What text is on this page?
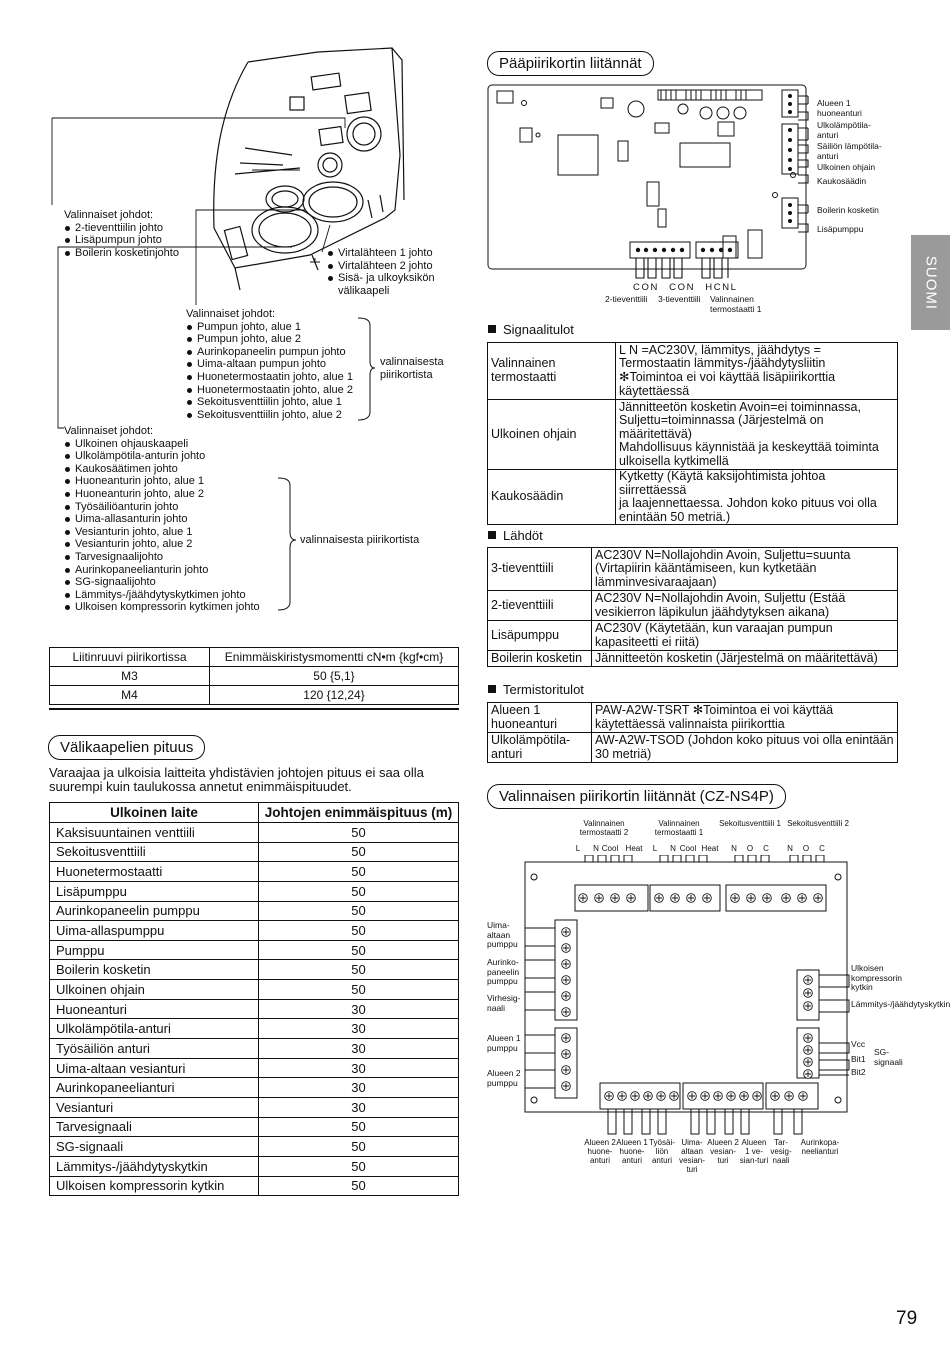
SUOMI
79
Valinnaiset johdot:
2-tieventtiilin johto
Lisäpumpun johto
Boilerin kosketinjohto	Virtalähteen 1 johto
Virtalähteen 2 johto
Sisä- ja ulkoyksikön välikaapeli
Valinnaiset johdot:
Pumpun johto, alue 1
Pumpun johto, alue 2
Aurinkopaneelin pumpun johto
Uima-altaan pumpun johto
Huonetermostaatin johto, alue 1
Huonetermostaatin johto, alue 2
Sekoitusventtiilin johto, alue 1
Sekoitusventtiilin johto, alue 2
valinnaisesta piirikortista
Valinnaiset johdot:
Ulkoinen ohjauskaapeli
Ulkolämpötila-anturin johto
Kaukosäätimen johto
Huoneanturin johto, alue 1
Huoneanturin johto, alue 2
Työsäiliöanturin johto
Uima-allasanturin johto
Vesianturin johto, alue 1
Vesianturin johto, alue 2
Tarvesignaalijohto
Aurinkopaneelianturin johto
SG-signaalijohto
Lämmitys-/jäähdytyskytkimen johto
Ulkoisen kompressorin kytkimen johto
valinnaisesta piirikortista
Liitinruuvi piirikortissa	Enimmäiskiristysmomentti cN•m {kgf•cm}
M3	50 {5,1}
M4	120 {12,24}
Välikaapelien pituus
Varaajaa ja ulkoisia laitteita yhdistävien johtojen pituus ei saa olla suurempi kuin taulukossa annetut enimmäispituudet.
Ulkoinen laite	Johtojen enimmäispituus (m)
Kaksisuuntainen venttiili	50
Sekoitusventtiili	50
Huonetermostaatti	50
Lisäpumppu	50
Aurinkopaneelin pumppu	50
Uima-allaspumppu	50
Pumppu	50
Boilerin kosketin	50
Ulkoinen ohjain	50
Huoneanturi	30
Ulkolämpötila-anturi	30
Työsäiliön anturi	30
Uima-altaan vesianturi	30
Aurinkopaneelianturi	30
Vesianturi	30
Tarvesignaali	50
SG-signaali	50
Lämmitys-/jäähdytyskytkin	50
Ulkoisen kompressorin kytkin	50
Pääpiirikortin liitännät
Alueen 1 huoneanturi
Ulkolämpötila-anturi
Säiliön lämpötila-anturi
Ulkoinen ohjain
Kaukosäädin
Boilerin kosketin
Lisäpumppu
CON CON HCNL
2-tieventtiili 3-tieventtiili Valinnainen termostaatti 1
Signaalitulot
Valinnainen termostaatti	L N =AC230V, lämmitys, jäähdytys =
Termostaatin lämmitys-/jäähdytysliitin
✻Toimintoa ei voi käyttää lisäpiirikorttia
käytettäessä

Ulkoinen ohjain	Jännitteetön kosketin Avoin=ei toiminnassa,
Suljettu=toiminnassa (Järjestelmä on
määritettävä)
Mahdollisuus käynnistää ja keskeyttää toiminta
ulkoisella kytkimellä

Kaukosäädin	Kytketty (Käytä kaksijohtimista johtoa siirrettäessä
ja laajennettaessa. Johdon koko pituus voi olla
enintään 50 metriä.)
Lähdöt
3-tieventtiili	AC230V N=Nollajohdin Avoin, Suljettu=suunta
(Virtapiirin kääntämiseen, kun kytketään
lämminvesivaraajaan)

2-tieventtiili	AC230V N=Nollajohdin Avoin, Suljettu (Estää
vesikierron läpikulun jäähdytyksen aikana)

Lisäpumppu	AC230V (Käytetään, kun varaajan pumpun
kapasiteetti ei riitä)

Boilerin kosketin	Jännitteetön kosketin (Järjestelmä on määritettävä)
Termistoritulot
Alueen 1 huoneanturi	PAW-A2W-TSRT ✻Toimintoa ei voi käyttää
käytettäessä valinnaista piirikorttia

Ulkolämpötila-anturi	AW-A2W-TSOD (Johdon koko pituus voi olla enintään
30 metriä)
Valinnaisen piirikortin liitännät (CZ-NS4P)
Valinnainen termostaatti 2
Valinnainen termostaatti 1
Sekoitusventtiili 1 Sekoitusventtiili 2
L	N Cool Heat	L	N Cool Heat	N	O	C	N	O	C
Uima-altaan pumppu
Aurinko-paneelin pumppu
Virhesig-naali
Alueen 1 pumppu
Alueen 2 pumppu
Ulkoisen kompressorin kytkin
Lämmitys-/jäähdytyskytkin
Vcc
Bit1
Bit2
SG-signaali
Alueen 2 huone-anturi
Alueen 1 huone-anturi
Työsäi-liön anturi
Uima-altaan vesian-turi
Alueen 2 vesian-turi
Alueen 1 ve-sian-turi
Tar-vesig-naali
Aurinkopa-neelianturi
